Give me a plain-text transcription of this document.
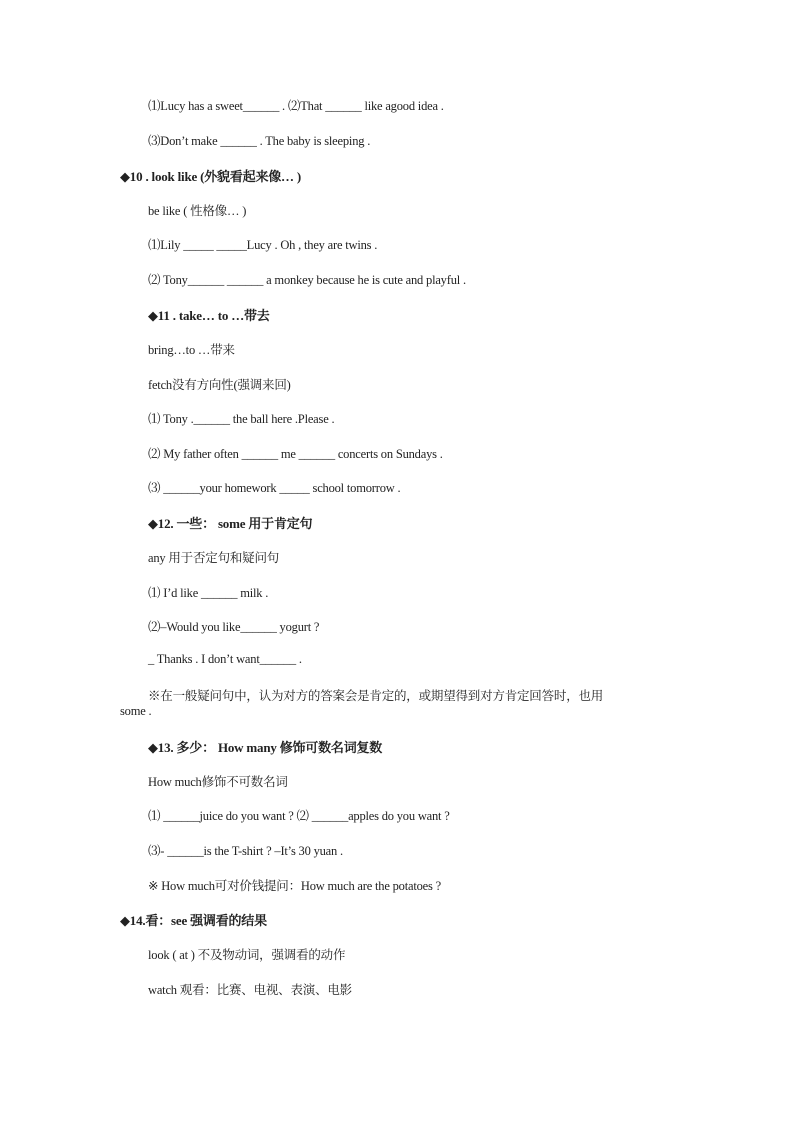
⑴Lucy has a sweet______ . ⑵That ______ like agood idea .
⑶Don’t make ______ . The baby is sleeping .
◆10 . look like (外貌看起来像… )
be like ( 性格像… )
⑴Lily _____ _____Lucy . Oh , they are twins .
⑵ Tony______ ______ a monkey because he is cute and playful .
◆11 . take… to …带去
bring…to …带来
fetch没有方向性(强调来回)
⑴ Tony .______ the ball here .Please .
⑵ My father often ______ me ______ concerts on Sundays .
⑶ ______your homework _____ school tomorrow .
◆12. 一些： some 用于肯定句
any 用于否定句和疑问句
⑴ I’d like ______ milk .
⑵–Would you like______ yogurt ?
_ Thanks . I don’t want______ .
※在一般疑问句中，认为对方的答案会是肯定的，或期望得到对方肯定回答时，也用
some .
◆13. 多少： How many 修饰可数名词复数
How much修饰不可数名词
⑴ ______juice do you want ? ⑵ ______apples do you want ?
⑶- ______is the T-shirt ? –It’s 30 yuan .
※ How much可对价钱提问：How much are the potatoes ?
◆14.看：see 强调看的结果
look ( at ) 不及物动词，强调看的动作
watch 观看：比赛、电视、表演、电影
